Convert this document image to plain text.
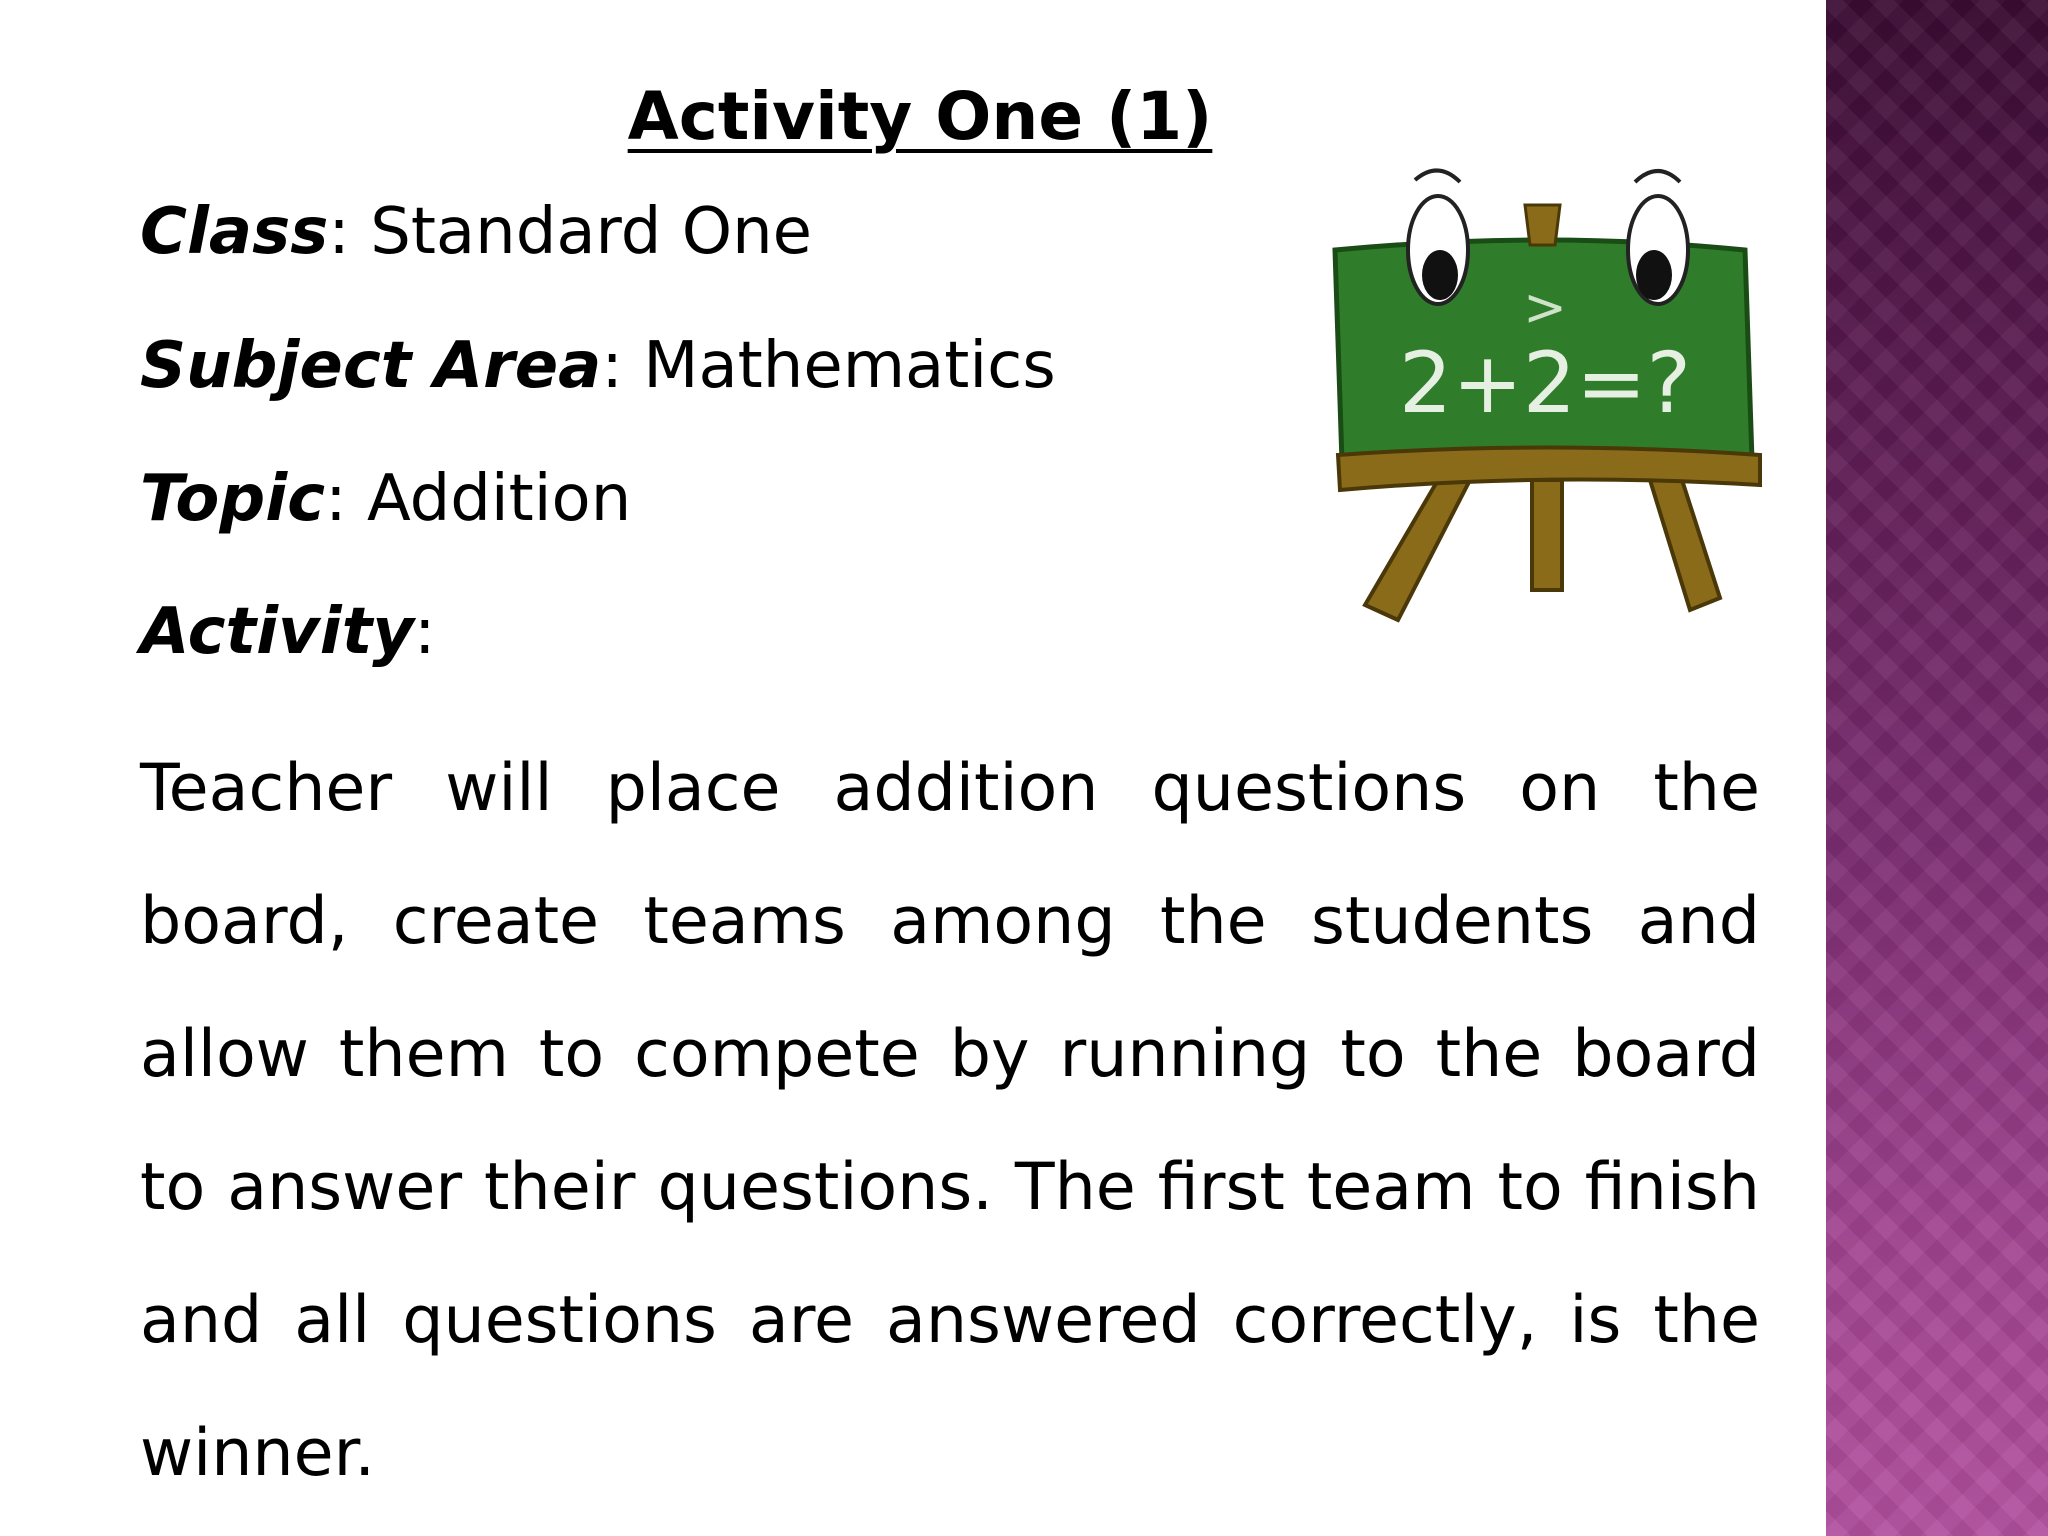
Activity One (1)
Class: Standard One
Subject Area: Mathematics
Topic: Addition
Activity:
Teacher will place addition questions on the board, create teams among the students and allow them to compete by running to the board to answer their questions. The first team to finish and all questions are answered correctly, is the winner.
>
2+2=?
